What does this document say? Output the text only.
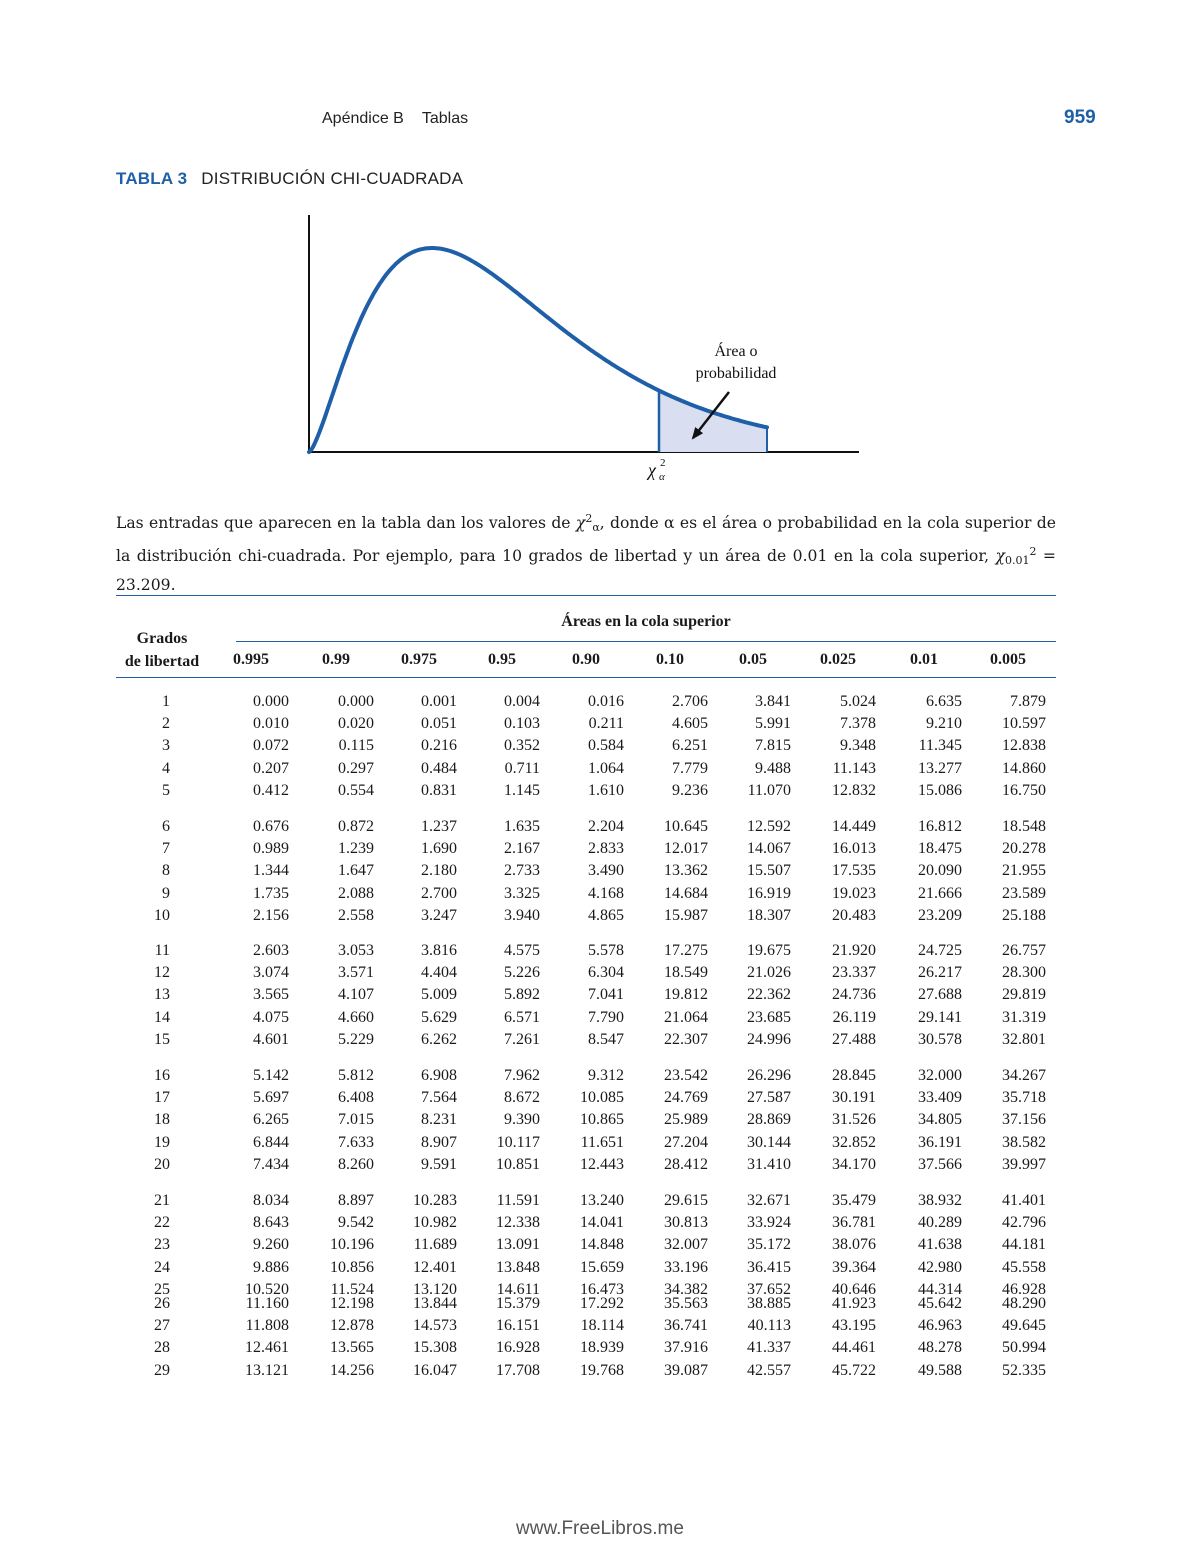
Apéndice B Tablas	959
TABLA 3 DISTRIBUCIÓN CHI-CUADRADA
Área o
probabilidad
χ 2
α
Las entradas que aparecen en la tabla dan los valores de $\chi^2_\alpha$, donde α es el área o probabilidad en la cola superior de la distribución chi-cuadrada. Por ejemplo, para 10 grados de libertad y un área de 0.01 en la cola superior, $\chi_{0.01}^2 = 23.209$.
Áreas en la cola superior
Grados
de libertad	0.995	0.99	0.975	0.95	0.90	0.10	0.05	0.025	0.01	0.005
1	0.000	0.000	0.001	0.004	0.016	2.706	3.841	5.024	6.635	7.879
2	0.010	0.020	0.051	0.103	0.211	4.605	5.991	7.378	9.210	10.597
3	0.072	0.115	0.216	0.352	0.584	6.251	7.815	9.348	11.345	12.838
4	0.207	0.297	0.484	0.711	1.064	7.779	9.488	11.143	13.277	14.860
5	0.412	0.554	0.831	1.145	1.610	9.236	11.070	12.832	15.086	16.750
6	0.676	0.872	1.237	1.635	2.204	10.645	12.592	14.449	16.812	18.548
7	0.989	1.239	1.690	2.167	2.833	12.017	14.067	16.013	18.475	20.278
8	1.344	1.647	2.180	2.733	3.490	13.362	15.507	17.535	20.090	21.955
9	1.735	2.088	2.700	3.325	4.168	14.684	16.919	19.023	21.666	23.589
10	2.156	2.558	3.247	3.940	4.865	15.987	18.307	20.483	23.209	25.188
11	2.603	3.053	3.816	4.575	5.578	17.275	19.675	21.920	24.725	26.757
12	3.074	3.571	4.404	5.226	6.304	18.549	21.026	23.337	26.217	28.300
13	3.565	4.107	5.009	5.892	7.041	19.812	22.362	24.736	27.688	29.819
14	4.075	4.660	5.629	6.571	7.790	21.064	23.685	26.119	29.141	31.319
15	4.601	5.229	6.262	7.261	8.547	22.307	24.996	27.488	30.578	32.801
16	5.142	5.812	6.908	7.962	9.312	23.542	26.296	28.845	32.000	34.267
17	5.697	6.408	7.564	8.672	10.085	24.769	27.587	30.191	33.409	35.718
18	6.265	7.015	8.231	9.390	10.865	25.989	28.869	31.526	34.805	37.156
19	6.844	7.633	8.907	10.117	11.651	27.204	30.144	32.852	36.191	38.582
20	7.434	8.260	9.591	10.851	12.443	28.412	31.410	34.170	37.566	39.997
21	8.034	8.897	10.283	11.591	13.240	29.615	32.671	35.479	38.932	41.401
22	8.643	9.542	10.982	12.338	14.041	30.813	33.924	36.781	40.289	42.796
23	9.260	10.196	11.689	13.091	14.848	32.007	35.172	38.076	41.638	44.181
24	9.886	10.856	12.401	13.848	15.659	33.196	36.415	39.364	42.980	45.558
25	10.520	11.524	13.120	14.611	16.473	34.382	37.652	40.646	44.314	46.928
26	11.160	12.198	13.844	15.379	17.292	35.563	38.885	41.923	45.642	48.290
27	11.808	12.878	14.573	16.151	18.114	36.741	40.113	43.195	46.963	49.645
28	12.461	13.565	15.308	16.928	18.939	37.916	41.337	44.461	48.278	50.994
29	13.121	14.256	16.047	17.708	19.768	39.087	42.557	45.722	49.588	52.335
www.FreeLibros.me
